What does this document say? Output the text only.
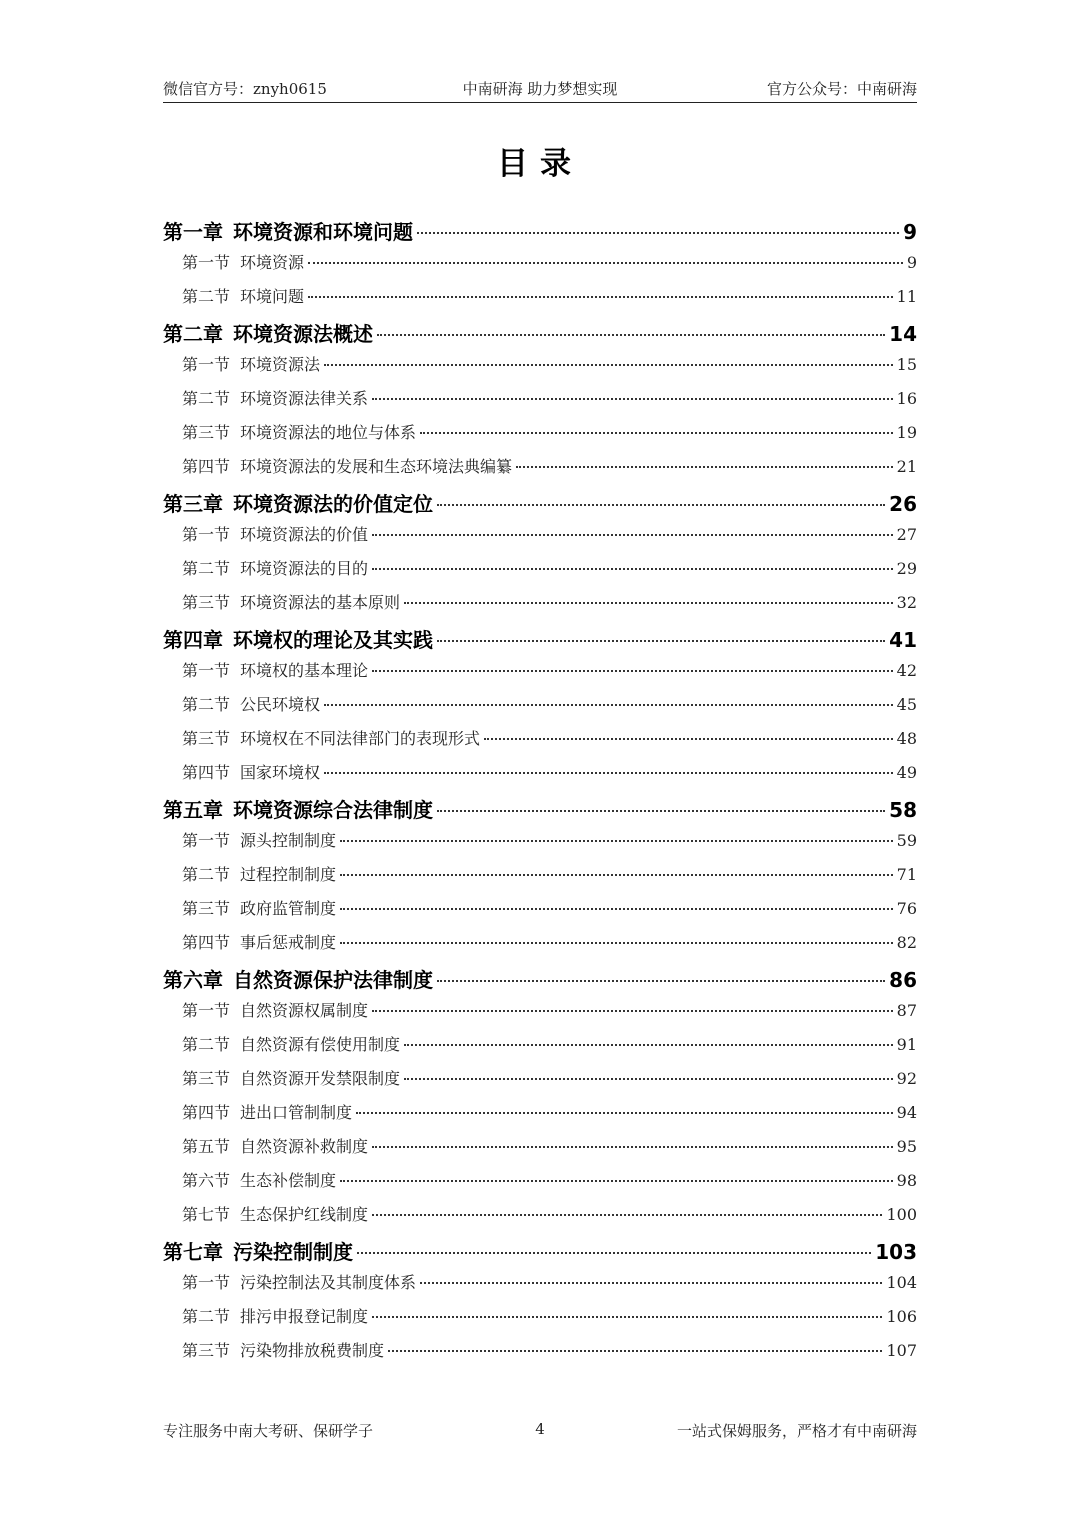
微信官方号：znyh0615	中南研海 助力梦想实现	官方公众号：中南研海
目录
第一章 环境资源和环境问题	9
第一节 环境资源	9
第二节 环境问题	11
第二章 环境资源法概述	14
第一节 环境资源法	15
第二节 环境资源法律关系	16
第三节 环境资源法的地位与体系	19
第四节 环境资源法的发展和生态环境法典编纂	21
第三章 环境资源法的价值定位	26
第一节 环境资源法的价值	27
第二节 环境资源法的目的	29
第三节 环境资源法的基本原则	32
第四章 环境权的理论及其实践	41
第一节 环境权的基本理论	42
第二节 公民环境权	45
第三节 环境权在不同法律部门的表现形式	48
第四节 国家环境权	49
第五章 环境资源综合法律制度	58
第一节 源头控制制度	59
第二节 过程控制制度	71
第三节 政府监管制度	76
第四节 事后惩戒制度	82
第六章 自然资源保护法律制度	86
第一节 自然资源权属制度	87
第二节 自然资源有偿使用制度	91
第三节 自然资源开发禁限制度	92
第四节 进出口管制制度	94
第五节 自然资源补救制度	95
第六节 生态补偿制度	98
第七节 生态保护红线制度	100
第七章 污染控制制度	103
第一节 污染控制法及其制度体系	104
第二节 排污申报登记制度	106
第三节 污染物排放税费制度	107
专注服务中南大考研、保研学子	4	一站式保姆服务，严格才有中南研海
